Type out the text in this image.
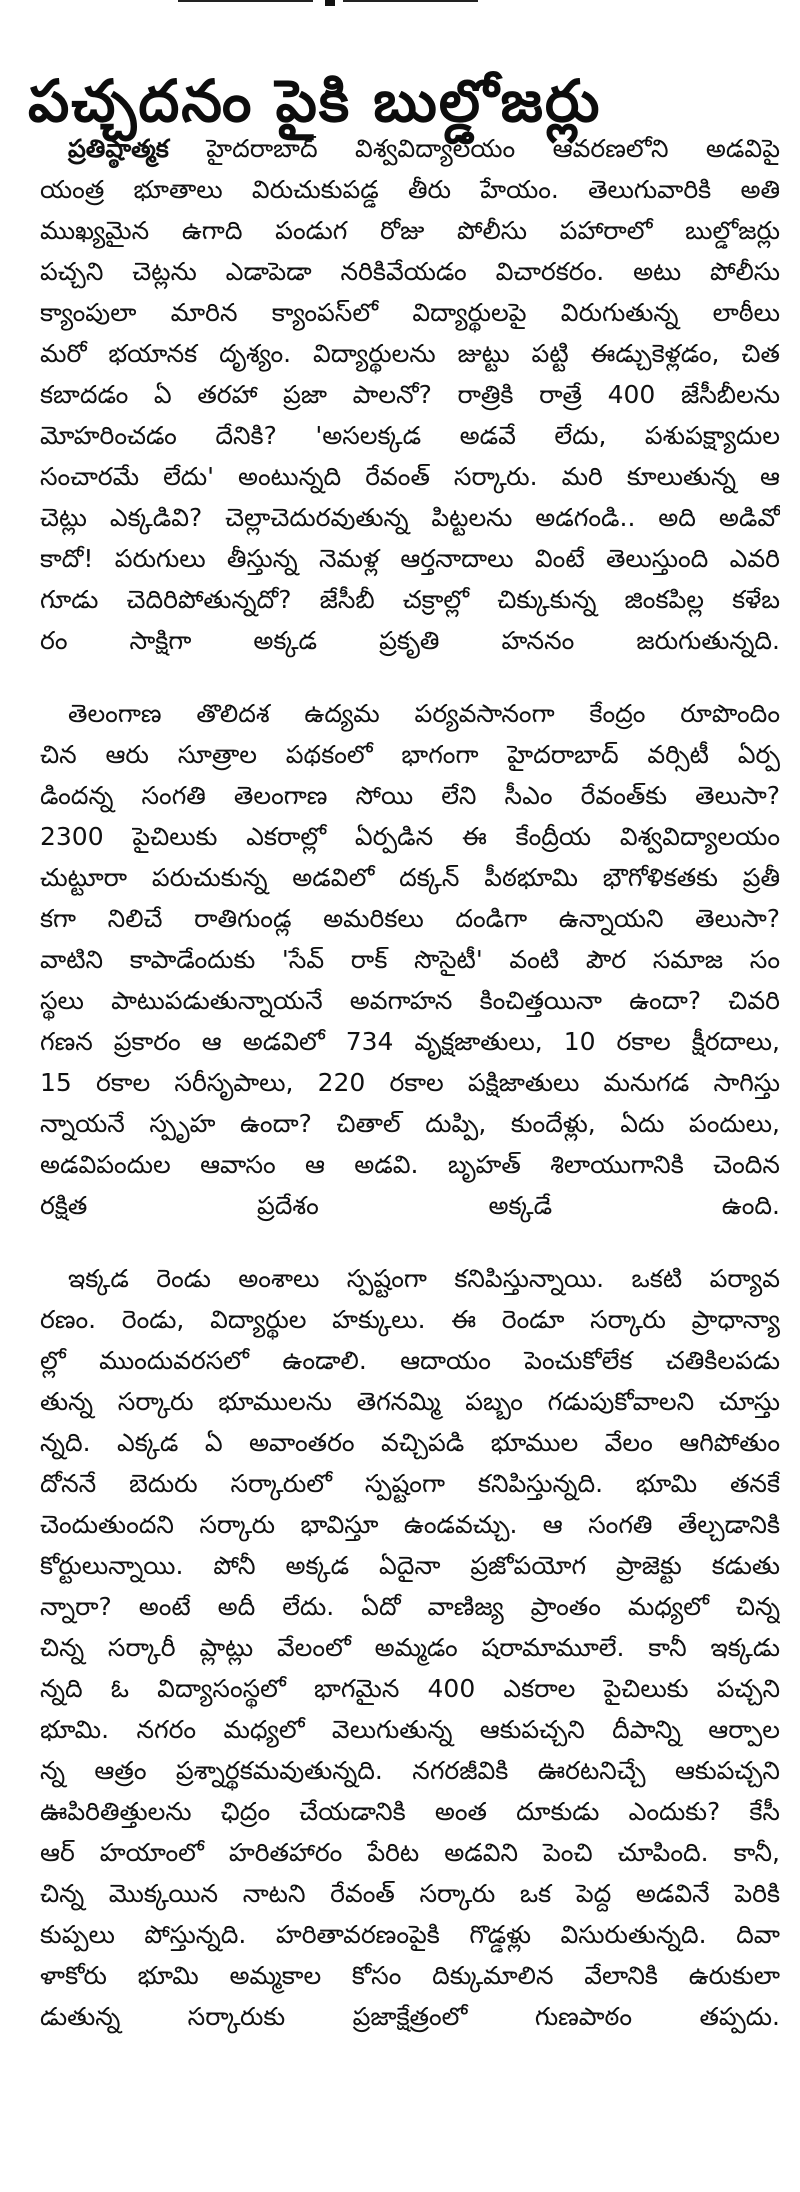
పచ్చదనం పైకి బుల్డోజర్లు
ప్రతిష్ఠాత్మక హైదరాబాద్ విశ్వవిద్యాలయం ఆవరణలోని అడవిపై
యంత్ర భూతాలు విరుచుకుపడ్డ తీరు హేయం. తెలుగువారికి అతి
ముఖ్యమైన ఉగాది పండుగ రోజు పోలీసు పహారాలో బుల్డోజర్లు
పచ్చని చెట్లను ఎడాపెడా నరికివేయడం విచారకరం. అటు పోలీసు
క్యాంపులా మారిన క్యాంపస్‌లో విద్యార్థులపై విరుగుతున్న లాఠీలు
మరో భయానక దృశ్యం. విద్యార్థులను జుట్టు పట్టి ఈడ్చుకెళ్లడం, చిత
కబాదడం ఏ తరహా ప్రజా పాలనో? రాత్రికి రాత్రే 400 జేసీబీలను
మోహరించడం దేనికి? 'అసలక్కడ అడవే లేదు, పశుపక్ష్యాదుల
సంచారమే లేదు' అంటున్నది రేవంత్ సర్కారు. మరి కూలుతున్న ఆ
చెట్లు ఎక్కడివి? చెల్లాచెదురవుతున్న పిట్టలను అడగండి.. అది అడివో
కాదో! పరుగులు తీస్తున్న నెమళ్ల ఆర్తనాదాలు వింటే తెలుస్తుంది ఎవరి
గూడు చెదిరిపోతున్నదో? జేసీబీ చక్రాల్లో చిక్కుకున్న జింకపిల్ల కళేబ
రం సాక్షిగా అక్కడ ప్రకృతి హననం జరుగుతున్నది.
తెలంగాణ తొలిదశ ఉద్యమ పర్యవసానంగా కేంద్రం రూపొందిం
చిన ఆరు సూత్రాల పథకంలో భాగంగా హైదరాబాద్ వర్సిటీ ఏర్ప
డిందన్న సంగతి తెలంగాణ సోయి లేని సీఎం రేవంత్‌కు తెలుసా?
2300 పైచిలుకు ఎకరాల్లో ఏర్పడిన ఈ కేంద్రీయ విశ్వవిద్యాలయం
చుట్టూరా పరుచుకున్న అడవిలో దక్కన్ పీఠభూమి భౌగోళికతకు ప్రతీ
కగా నిలిచే రాతిగుండ్ల అమరికలు దండిగా ఉన్నాయని తెలుసా?
వాటిని కాపాడేందుకు 'సేవ్ రాక్ సొసైటీ' వంటి పౌర సమాజ సం
స్థలు పాటుపడుతున్నాయనే అవగాహన కించిత్తయినా ఉందా? చివరి
గణన ప్రకారం ఆ అడవిలో 734 వృక్షజాతులు, 10 రకాల క్షీరదాలు,
15 రకాల సరీసృపాలు, 220 రకాల పక్షిజాతులు మనుగడ సాగిస్తు
న్నాయనే స్పృహ ఉందా? చితాల్ దుప్పి, కుందేళ్లు, ఏదు పందులు,
అడవిపందుల ఆవాసం ఆ అడవి. బృహత్ శిలాయుగానికి చెందిన
రక్షిత ప్రదేశం అక్కడే ఉంది.
ఇక్కడ రెండు అంశాలు స్పష్టంగా కనిపిస్తున్నాయి. ఒకటి పర్యావ
రణం. రెండు, విద్యార్థుల హక్కులు. ఈ రెండూ సర్కారు ప్రాధాన్యా
ల్లో ముందువరసలో ఉండాలి. ఆదాయం పెంచుకోలేక చతికిలపడు
తున్న సర్కారు భూములను తెగనమ్మి పబ్బం గడుపుకోవాలని చూస్తు
న్నది. ఎక్కడ ఏ అవాంతరం వచ్చిపడి భూముల వేలం ఆగిపోతుం
దోననే బెదురు సర్కారులో స్పష్టంగా కనిపిస్తున్నది. భూమి తనకే
చెందుతుందని సర్కారు భావిస్తూ ఉండవచ్చు. ఆ సంగతి తేల్చడానికి
కోర్టులున్నాయి. పోనీ అక్కడ ఏదైనా ప్రజోపయోగ ప్రాజెక్టు కడుతు
న్నారా? అంటే అదీ లేదు. ఏదో వాణిజ్య ప్రాంతం మధ్యలో చిన్న
చిన్న సర్కారీ ప్లాట్లు వేలంలో అమ్మడం షరామామూలే. కానీ ఇక్కడు
న్నది ఓ విద్యాసంస్థలో భాగమైన 400 ఎకరాల పైచిలుకు పచ్చని
భూమి. నగరం మధ్యలో వెలుగుతున్న ఆకుపచ్చని దీపాన్ని ఆర్పాల
న్న ఆత్రం ప్రశ్నార్థకమవుతున్నది. నగరజీవికి ఊరటనిచ్చే ఆకుపచ్చని
ఊపిరితిత్తులను ఛిద్రం చేయడానికి అంత దూకుడు ఎందుకు? కేసీ
ఆర్ హయాంలో హరితహారం పేరిట అడవిని పెంచి చూపింది. కానీ,
చిన్న మొక్కయిన నాటని రేవంత్ సర్కారు ఒక పెద్ద అడవినే పెరికి
కుప్పలు పోస్తున్నది. హరితావరణంపైకి గొడ్డళ్లు విసురుతున్నది. దివా
ళాకోరు భూమి అమ్మకాల కోసం దిక్కుమాలిన వేలానికి ఉరుకులా
డుతున్న సర్కారుకు ప్రజాక్షేత్రంలో గుణపాఠం తప్పదు.
